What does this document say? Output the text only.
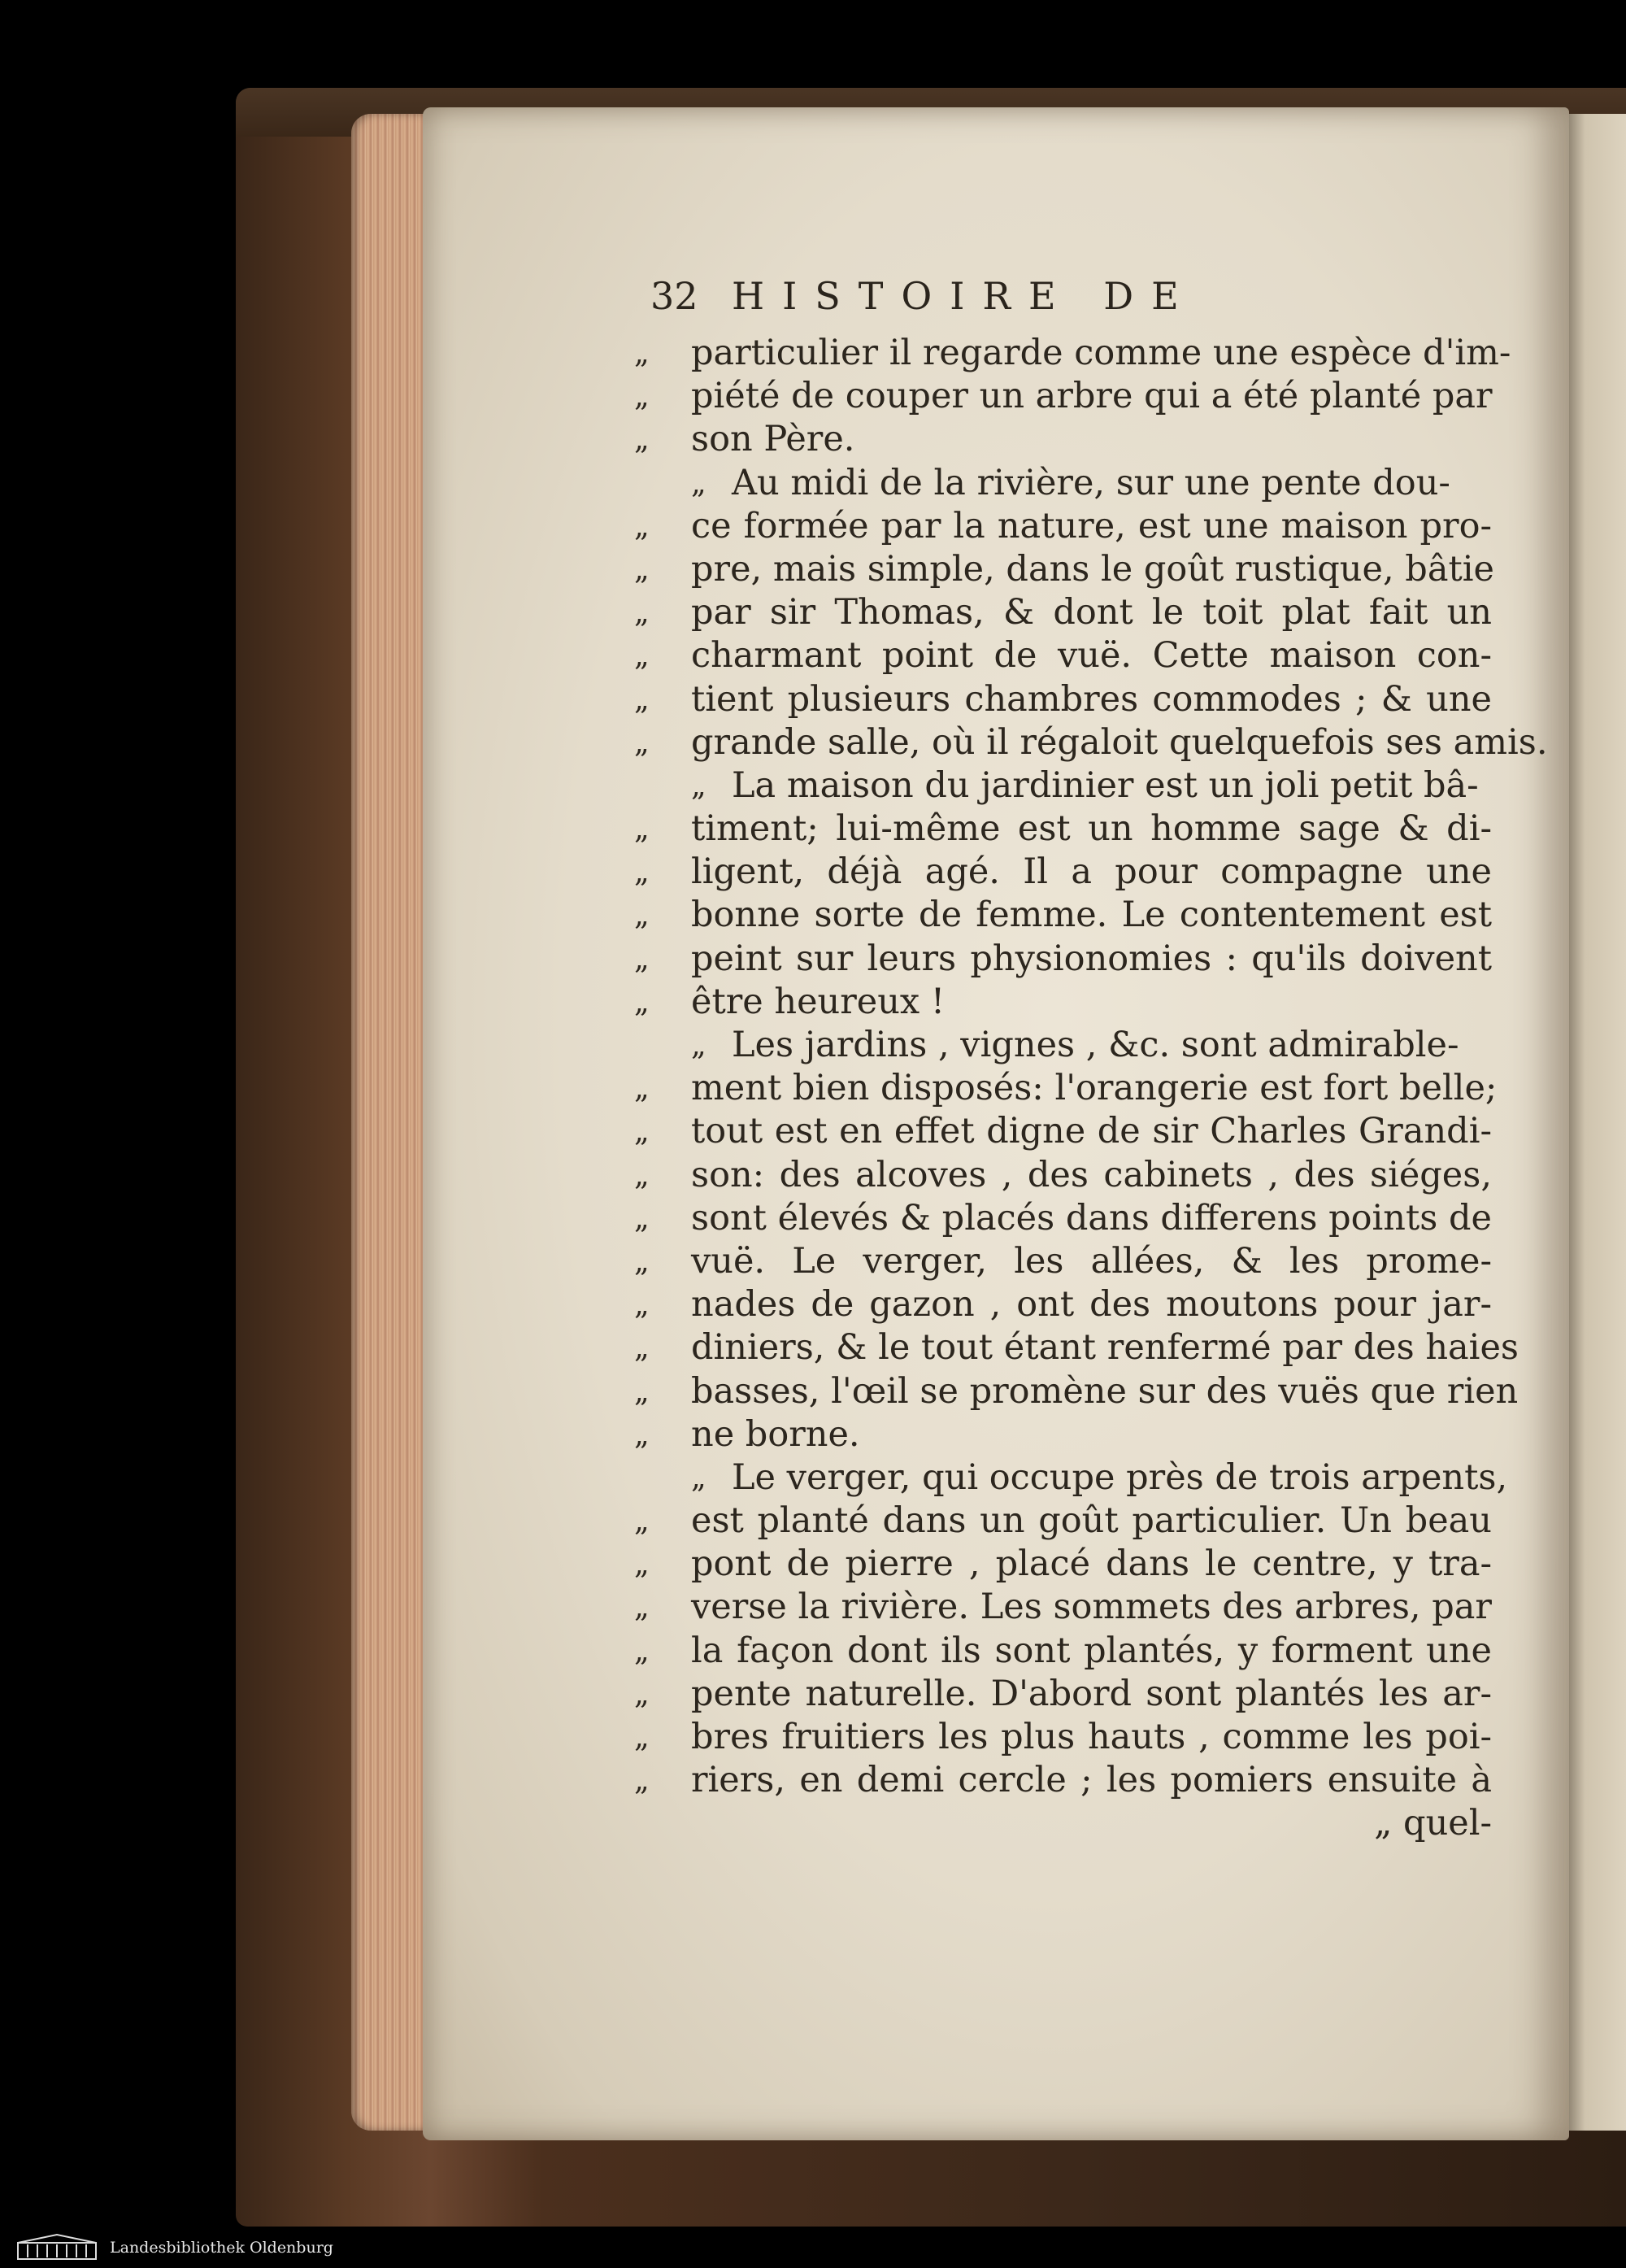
32 HISTOIRE DE
„	particulier il regarde comme une espèce d'im-
„	piété de couper un arbre qui a été planté par
„	son Père.
„ Au midi de la rivière, sur une pente dou-
„	ce formée par la nature, est une maison pro-
„	pre, mais simple, dans le goût rustique, bâtie
„	par sir Thomas, & dont le toit plat fait un
„	charmant point de vuë. Cette maison con-
„	tient plusieurs chambres commodes ; & une
„	grande salle, où il régaloit quelquefois ses amis.
„ La maison du jardinier est un joli petit bâ-
„	timent; lui-même est un homme sage & di-
„	ligent, déjà agé. Il a pour compagne une
„	bonne sorte de femme. Le contentement est
„	peint sur leurs physionomies : qu'ils doivent
„	être heureux !
„ Les jardins , vignes , &c. sont admirable-
„	ment bien disposés: l'orangerie est fort belle;
„	tout est en effet digne de sir Charles Grandi-
„	son: des alcoves , des cabinets , des siéges,
„	sont élevés & placés dans differens points de
„	vuë. Le verger, les allées, & les prome-
„	nades de gazon , ont des moutons pour jar-
„	diniers, & le tout étant renfermé par des haies
„	basses, l'œil se promène sur des vuës que rien
„	ne borne.
„ Le verger, qui occupe près de trois arpents,
„	est planté dans un goût particulier. Un beau
„	pont de pierre , placé dans le centre, y tra-
„	verse la rivière. Les sommets des arbres, par
„	la façon dont ils sont plantés, y forment une
„	pente naturelle. D'abord sont plantés les ar-
„	bres fruitiers les plus hauts , comme les poi-
„	riers, en demi cercle ; les pomiers ensuite à
„ quel-
Landesbibliothek Oldenburg
